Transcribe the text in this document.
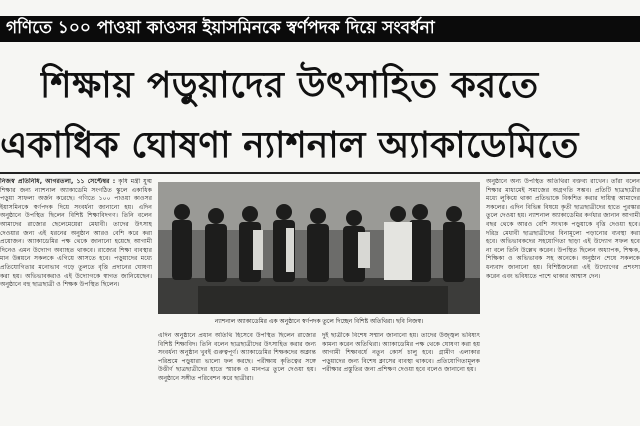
গণিতে ১০০ পাওয়া কাওসর ইয়াসমিনকে স্বর্ণপদক দিয়ে সংবর্ধনা
শিক্ষায় পড়ুয়াদের উৎসাহিত করতে
একাধিক ঘোষণা ন্যাশনাল অ্যাকাডেমিতে
নিজস্ব প্রতিনিধি, আগরতলা, ১১ সেপ্টেম্বর : কৃষি মন্ত্রী যুগ্ম শিক্ষার জন্য ন্যাশনাল অ্যাকাডেমি সংগঠিত স্কুলে একাধিক পড়ুয়া সাফল্য অর্জন করেছে। গণিতে ১০০ পাওয়া কাওসর ইয়াসমিনকে স্বর্ণপদক দিয়ে সংবর্ধনা জানানো হয়। এদিন অনুষ্ঠানে উপস্থিত ছিলেন বিশিষ্ট শিক্ষাবিদগণ। তিনি বলেন আমাদের রাজ্যের ছেলেমেয়েরা মেধাবী। তাদের উৎসাহ দেওয়ার জন্য এই ধরনের অনুষ্ঠান আরও বেশি করে করা প্রয়োজন। অ্যাকাডেমির পক্ষ থেকে জানানো হয়েছে আগামী দিনেও এমন উদ্যোগ অব্যাহত থাকবে। রাজ্যের শিক্ষা ব্যবস্থার মান উন্নয়নে সকলকে এগিয়ে আসতে হবে। পড়ুয়াদের মধ্যে প্রতিযোগিতার মনোভাব গড়ে তুলতে বৃত্তি প্রদানের ঘোষণা করা হয়। অভিভাবকরাও এই উদ্যোগকে স্বাগত জানিয়েছেন। অনুষ্ঠানে বহু ছাত্রছাত্রী ও শিক্ষক উপস্থিত ছিলেন।
ন্যাশনাল অ্যাকাডেমির এক অনুষ্ঠানে স্বর্ণপদক তুলে দিচ্ছেন বিশিষ্ট অতিথিরা। ছবি নিজস্ব।
এদিন অনুষ্ঠানে প্রধান অতিথি হিসেবে উপস্থিত ছিলেন রাজ্যের বিশিষ্ট শিক্ষাবিদ। তিনি বলেন ছাত্রছাত্রীদের উৎসাহিত করার জন্য সংবর্ধনা অনুষ্ঠান খুবই গুরুত্বপূর্ণ। অ্যাকাডেমির শিক্ষকদের অক্লান্ত পরিশ্রমে পড়ুয়ারা ভালো ফল করছে। পরীক্ষায় কৃতিত্বের সঙ্গে উত্তীর্ণ ছাত্রছাত্রীদের হাতে স্মারক ও মানপত্র তুলে দেওয়া হয়। অনুষ্ঠানে সঙ্গীত পরিবেশন করে ছাত্রীরা।
দুই ছাত্রীকে বিশেষ সম্মান জানানো হয়। তাদের উজ্জ্বল ভবিষ্যৎ কামনা করেন অতিথিরা। অ্যাকাডেমির পক্ষ থেকে ঘোষণা করা হয় আগামী শিক্ষাবর্ষে নতুন কোর্স চালু হবে। গ্রামীণ এলাকার পড়ুয়াদের জন্য বিশেষ ক্লাসের ব্যবস্থা থাকবে। প্রতিযোগিতামূলক পরীক্ষার প্রস্তুতির জন্য প্রশিক্ষণ দেওয়া হবে বলেও জানানো হয়।
অনুষ্ঠানে অন্য উপস্থিত অতিথিরা বক্তব্য রাখেন। তাঁরা বলেন শিক্ষার মাধ্যমেই সমাজের অগ্রগতি সম্ভব। প্রতিটি ছাত্রছাত্রীর মধ্যে লুকিয়ে থাকা প্রতিভাকে বিকশিত করার দায়িত্ব আমাদের সকলের। এদিন বিভিন্ন বিষয়ে কৃতী ছাত্রছাত্রীদের হাতে পুরস্কার তুলে দেওয়া হয়। ন্যাশনাল অ্যাকাডেমির কর্ণধার জানান আগামী বছর থেকে আরও বেশি সংখ্যক পড়ুয়াকে বৃত্তি দেওয়া হবে। দরিদ্র মেধাবী ছাত্রছাত্রীদের বিনামূল্যে পড়ানোর ব্যবস্থা করা হবে। অভিভাবকদের সহযোগিতা ছাড়া এই উদ্যোগ সফল হবে না বলে তিনি উল্লেখ করেন। উপস্থিত ছিলেন অধ্যাপক, শিক্ষক, শিক্ষিকা ও অভিভাবক সহ অনেকে। অনুষ্ঠান শেষে সকলকে ধন্যবাদ জানানো হয়। বিশিষ্টজনেরা এই উদ্যোগের প্রশংসা করেন এবং ভবিষ্যতে পাশে থাকার আশ্বাস দেন।
